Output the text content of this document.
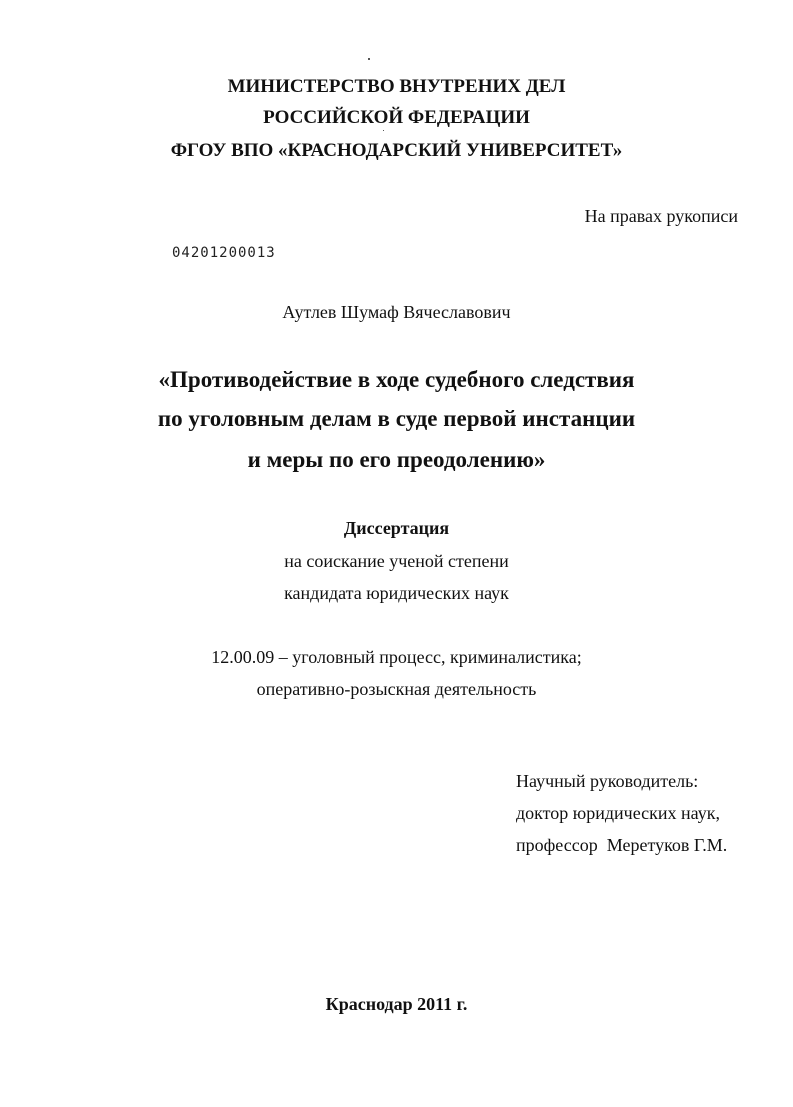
МИНИСТЕРСТВО ВНУТРЕНИХ ДЕЛ
РОССИЙСКОЙ ФЕДЕРАЦИИ
ФГОУ ВПО «КРАСНОДАРСКИЙ УНИВЕРСИТЕТ»
На правах рукописи
04201200013
Аутлев Шумаф Вячеславович
«Противодействие в ходе судебного следствия
по уголовным делам в суде первой инстанции
и меры по его преодолению»
Диссертация
на соискание ученой степени
кандидата юридических наук
12.00.09 – уголовный процесс, криминалистика;
оперативно-розыскная деятельность
Научный руководитель:
доктор юридических наук,
профессор  Меретуков Г.М.
Краснодар 2011 г.
